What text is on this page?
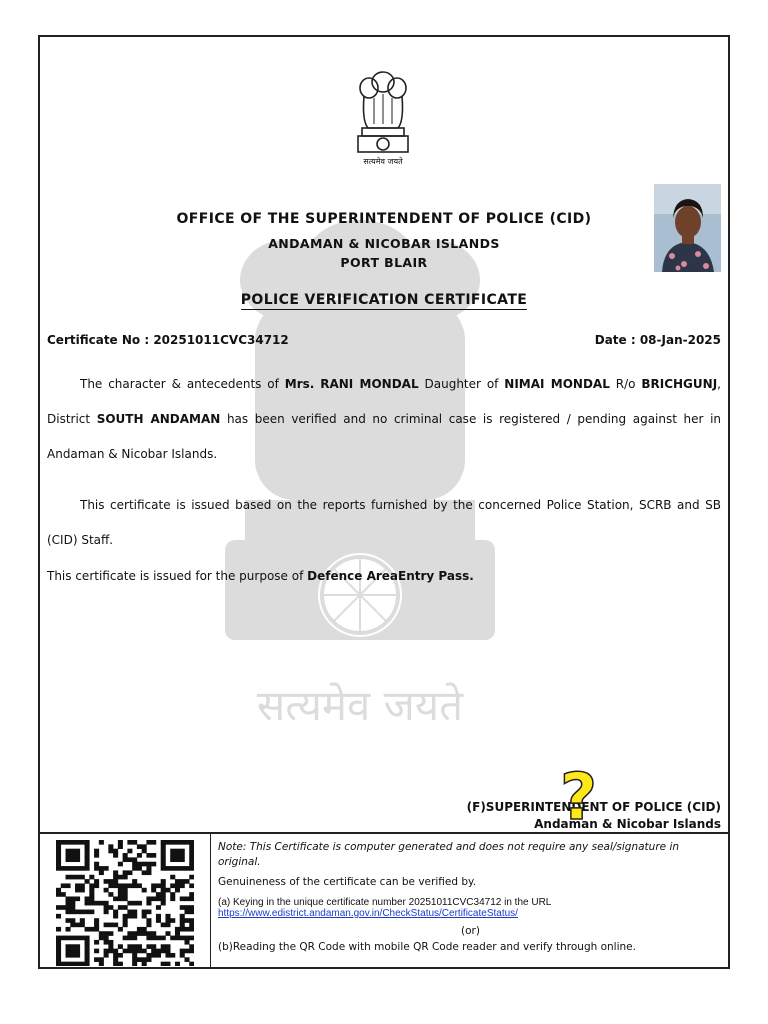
सत्यमेव जयते
सत्यमेव जयते
OFFICE OF THE SUPERINTENDENT OF POLICE (CID)
ANDAMAN & NICOBAR ISLANDS
PORT BLAIR
POLICE VERIFICATION CERTIFICATE
Certificate No : 20251011CVC34712	Date : 08-Jan-2025
The character & antecedents of Mrs. RANI MONDAL Daughter of NIMAI MONDAL R/o BRICHGUNJ, District SOUTH ANDAMAN has been verified and no criminal case is registered / pending against her in Andaman & Nicobar Islands.
This certificate is issued based on the reports furnished by the concerned Police Station, SCRB and SB (CID) Staff.
This certificate is issued for the purpose of Defence AreaEntry Pass.
(F)SUPERINTENDENT OF POLICE (CID)
Andaman & Nicobar Islands
?
Note: This Certificate is computer generated and does not require any seal/signature in original.
Genuineness of the certificate can be verified by.
(a) Keying in the unique certificate number 20251011CVC34712 in the URL
https://www.edistrict.andaman.gov.in/CheckStatus/CertificateStatus/
(or)
(b)Reading the QR Code with mobile QR Code reader and verify through online.
